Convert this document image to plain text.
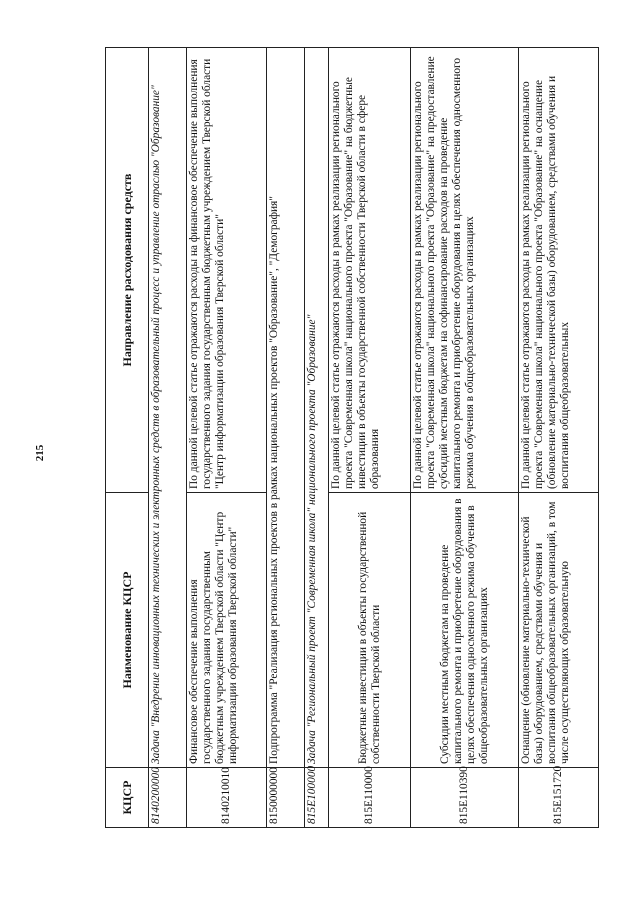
215
КЦСР	Наименование КЦСР	Направление расходования средств
8140200000	Задача "Внедрение инновационных технических и электронных средств в образовательный процесс и управление отраслью "Образование"	
8140210010	Финансовое обеспечение выполнения государственного задания государственным бюджетным учреждением Тверской области "Центр информатизации образования Тверской области"	По данной целевой статье отражаются расходы на финансовое обеспечение выполнения государственного задания государственным бюджетным учреждением Тверской области "Центр информатизации образования Тверской области"
8150000000	Подпрограмма "Реализация региональных проектов в рамках национальных проектов "Образование", "Демография"	
815E100000	Задача "Региональный проект "Современная школа" национального проекта "Образование"	
815E110000	Бюджетные инвестиции в объекты государственной собственности Тверской области	По данной целевой статье отражаются расходы в рамках реализации регионального проекта "Современная школа" национального проекта "Образование" на бюджетные инвестиции в объекты государственной собственности Тверской области в сфере образования
815E110390	Субсидии местным бюджетам на проведение капитального ремонта и приобретение оборудования в целях обеспечения односменного режима обучения в общеобразовательных организациях	По данной целевой статье отражаются расходы в рамках реализации регионального проекта "Современная школа" национального проекта "Образование" на предоставление субсидий местным бюджетам на софинансирование расходов на проведение капитального ремонта и приобретение оборудования в целях обеспечения односменного режима обучения в общеобразовательных организациях
815E151720	Оснащение (обновление материально-технической базы) оборудованием, средствами обучения и воспитания общеобразовательных организаций, в том числе осуществляющих образовательную	По данной целевой статье отражаются расходы в рамках реализации регионального проекта "Современная школа" национального проекта "Образование" на оснащение (обновление материально-технической базы) оборудованием, средствами обучения и воспитания общеобразовательных
